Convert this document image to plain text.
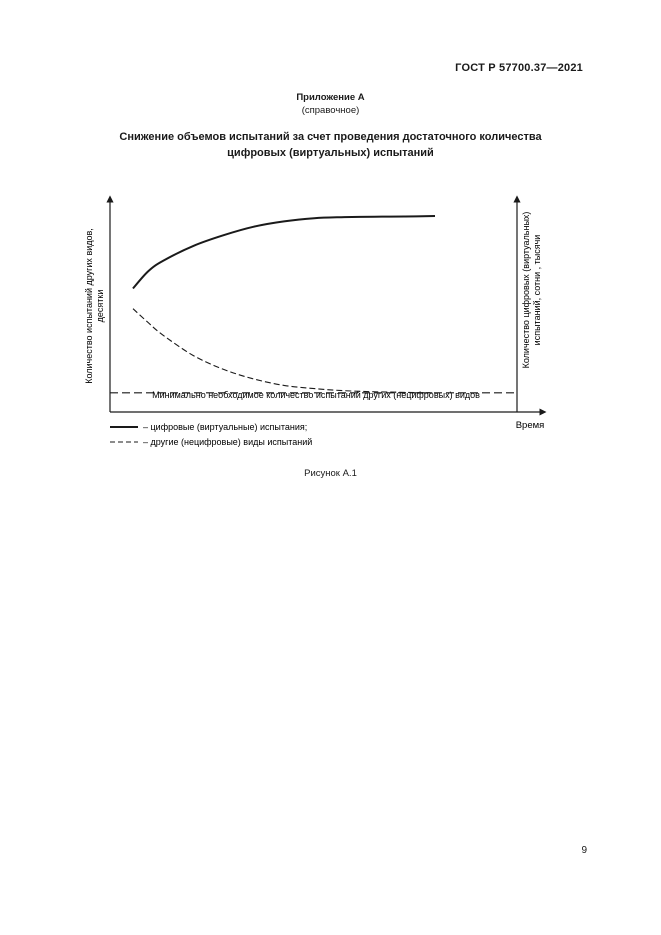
ГОСТ Р 57700.37—2021
Приложение А
(справочное)
Снижение объемов испытаний за счет проведения достаточного количества
цифровых (виртуальных) испытаний
Время
Количество испытаний других видов, десятки	Количество цифровых (виртуальных) испытаний, сотни , тысячи
Минимально необходимое количество испытаний других (нецифровых) видов
– цифровые (виртуальные) испытания;
– другие (нецифровые) виды испытаний
Рисунок А.1
9
